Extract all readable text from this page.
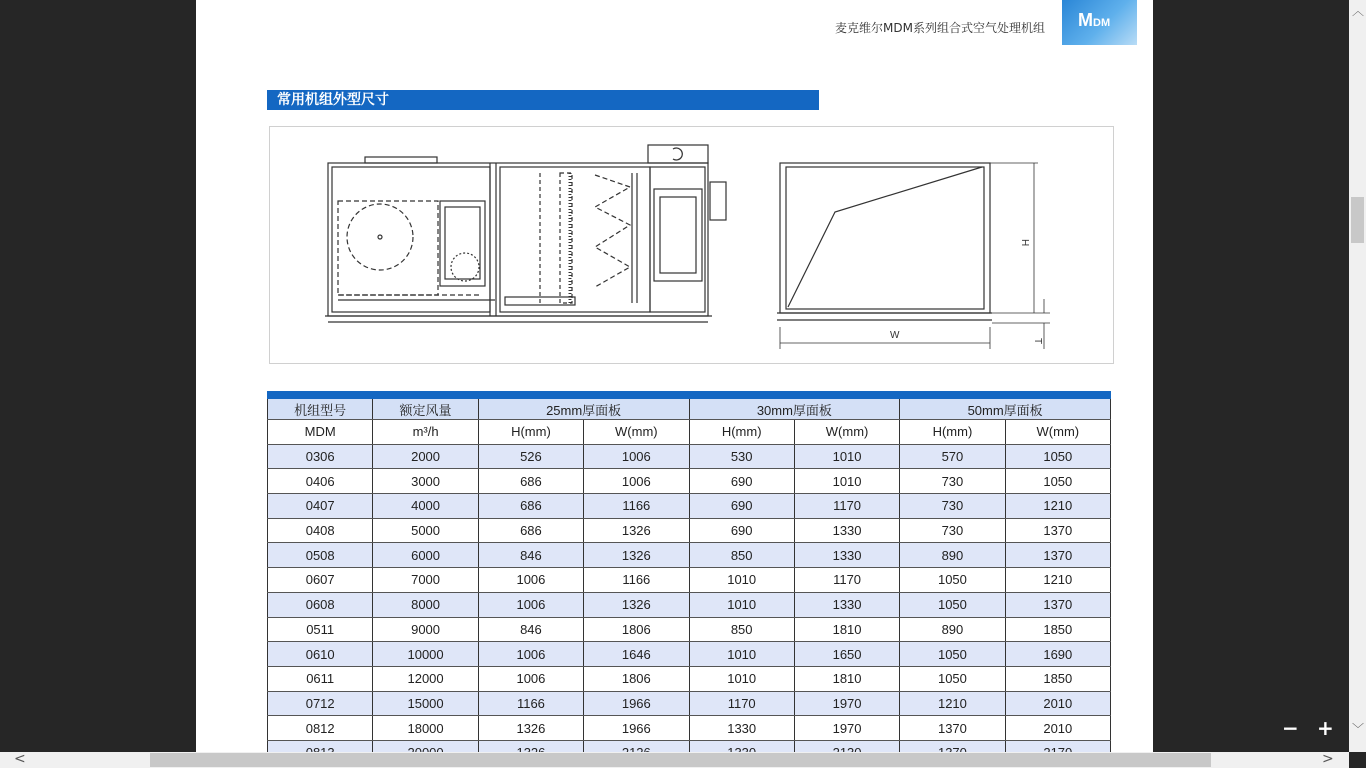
麦克维尔MDM系列组合式空气处理机组 MDM
常用机组外型尺寸
W
H
T
机组型号	额定风量	25mm厚面板		30mm厚面板		50mm厚面板	
MDM	m³/h	H(mm)	W(mm)	H(mm)	W(mm)	H(mm)	W(mm)
0306	2000	526	1006	530	1010	570	1050
0406	3000	686	1006	690	1010	730	1050
0407	4000	686	1166	690	1170	730	1210
0408	5000	686	1326	690	1330	730	1370
0508	6000	846	1326	850	1330	890	1370
0607	7000	1006	1166	1010	1170	1050	1210
0608	8000	1006	1326	1010	1330	1050	1370
0511	9000	846	1806	850	1810	890	1850
0610	10000	1006	1646	1010	1650	1050	1690
0611	12000	1006	1806	1010	1810	1050	1850
0712	15000	1166	1966	1170	1970	1210	2010
0812	18000	1326	1966	1330	1970	1370	2010

︿
﹀
<	>
− +
